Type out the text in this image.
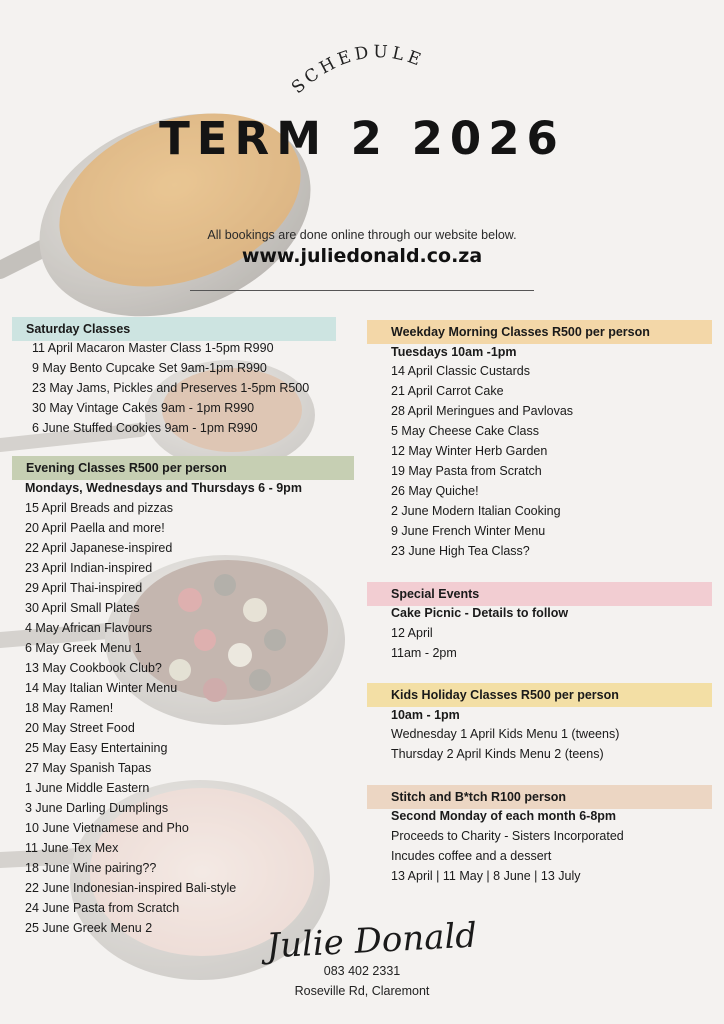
SCHEDULE
TERM 2 2026
All bookings are done online through our website below.
www.juliedonald.co.za
Saturday Classes
11 April Macaron Master Class 1-5pm R990
9 May Bento Cupcake Set 9am-1pm R990
23 May Jams, Pickles and Preserves 1-5pm R500
30 May Vintage Cakes 9am - 1pm R990
6 June Stuffed Cookies 9am - 1pm R990
Evening Classes R500 per person
Mondays, Wednesdays and Thursdays 6 - 9pm
15 April Breads and pizzas
20 April Paella and more!
22 April Japanese-inspired
23 April Indian-inspired
29 April Thai-inspired
30 April Small Plates
4 May African Flavours
6 May Greek Menu 1
13 May Cookbook Club?
14 May Italian Winter Menu
18 May Ramen!
20 May Street Food
25 May Easy Entertaining
27 May Spanish Tapas
1 June Middle Eastern
3 June Darling Dumplings
10 June Vietnamese and Pho
11 June Tex Mex
18 June Wine pairing??
22 June Indonesian-inspired Bali-style
24 June Pasta from Scratch
25 June Greek Menu 2
Weekday Morning Classes R500 per person
Tuesdays 10am -1pm
14 April Classic Custards
21 April Carrot Cake
28 April Meringues and Pavlovas
5 May Cheese Cake Class
12 May Winter Herb Garden
19 May Pasta from Scratch
26 May Quiche!
2 June Modern Italian Cooking
9 June French Winter Menu
23 June High Tea Class?
Special Events
Cake Picnic - Details to follow
12 April
11am - 2pm
Kids Holiday Classes R500 per person
10am - 1pm
Wednesday 1 April Kids Menu 1 (tweens)
Thursday 2 April Kinds Menu 2 (teens)
Stitch and B*tch R100 person
Second Monday of each month 6-8pm
Proceeds to Charity - Sisters Incorporated
Incudes coffee and a dessert
13 April | 11 May | 8 June | 13 July
Julie Donald
083 402 2331
Roseville Rd, Claremont
